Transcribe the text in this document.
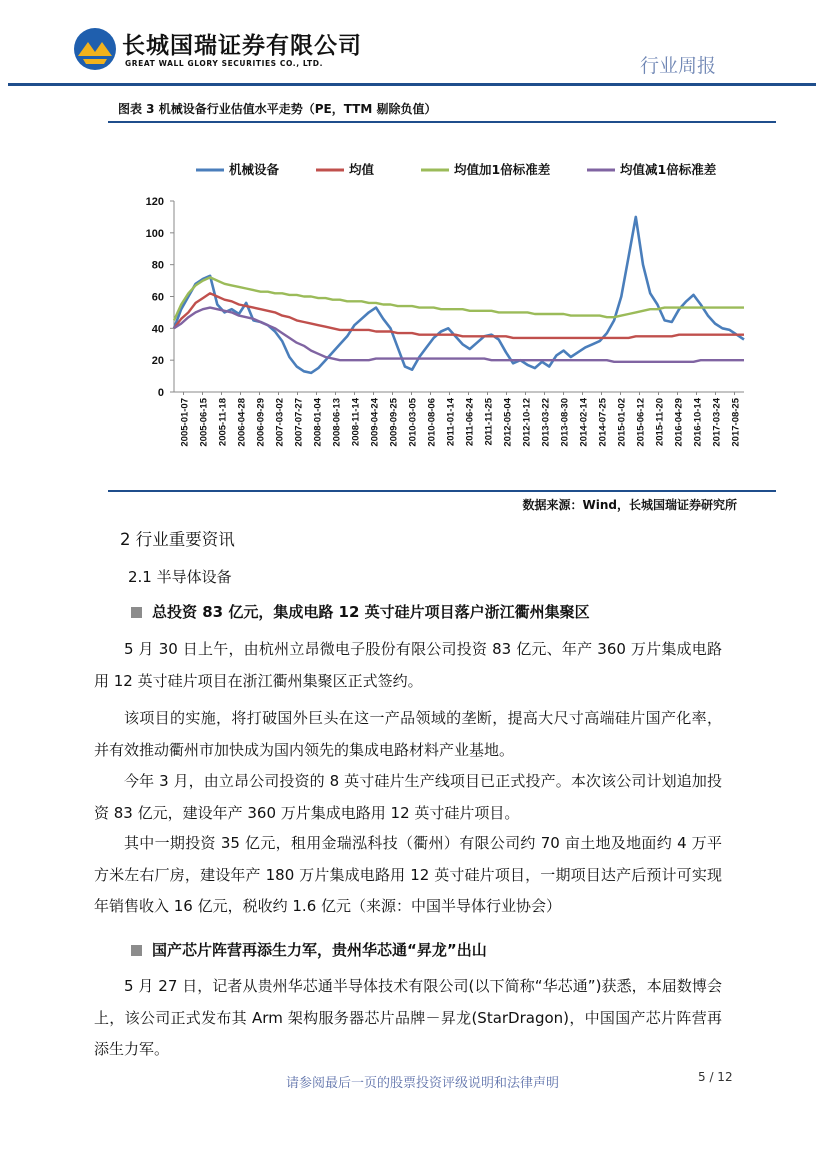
长城国瑞证券有限公司
GREAT WALL GLORY SECURITIES CO., LTD.	行业周报
图表 3 机械设备行业估值水平走势（PE，TTM 剔除负值）
机械设备	均值	均值加1倍标准差	均值减1倍标准差
0
20
40
60
80
100
120
2005-01-07 2005-06-15 2005-11-18 2006-04-28 2006-09-29 2007-03-02 2007-07-27 2008-01-04 2008-06-13 2008-11-14 2009-04-24 2009-09-25 2010-03-05 2010-08-06 2011-01-14 2011-06-24 2011-11-25 2012-05-04 2012-10-12 2013-03-22 2013-08-30 2014-02-14 2014-07-25 2015-01-02 2015-06-12 2015-11-20 2016-04-29 2016-10-14 2017-03-24 2017-08-25
数据来源：Wind，长城国瑞证券研究所
2 行业重要资讯
2.1 半导体设备
总投资 83 亿元，集成电路 12 英寸硅片项目落户浙江衢州集聚区
5 月 30 日上午，由杭州立昂微电子股份有限公司投资 83 亿元、年产 360 万片集成电路用 12 英寸硅片项目在浙江衢州集聚区正式签约。
该项目的实施，将打破国外巨头在这一产品领域的垄断，提高大尺寸高端硅片国产化率，并有效推动衢州市加快成为国内领先的集成电路材料产业基地。
今年 3 月，由立昂公司投资的 8 英寸硅片生产线项目已正式投产。本次该公司计划追加投资 83 亿元，建设年产 360 万片集成电路用 12 英寸硅片项目。
其中一期投资 35 亿元，租用金瑞泓科技（衢州）有限公司约 70 亩土地及地面约 4 万平方米左右厂房，建设年产 180 万片集成电路用 12 英寸硅片项目，一期项目达产后预计可实现年销售收入 16 亿元，税收约 1.6 亿元（来源：中国半导体行业协会）
国产芯片阵营再添生力军，贵州华芯通“昇龙”出山
5 月 27 日，记者从贵州华芯通半导体技术有限公司(以下简称“华芯通”)获悉，本届数博会上，该公司正式发布其 Arm 架构服务器芯片品牌－昇龙(StarDragon)，中国国产芯片阵营再添生力军。
请参阅最后一页的股票投资评级说明和法律声明	5 / 12
